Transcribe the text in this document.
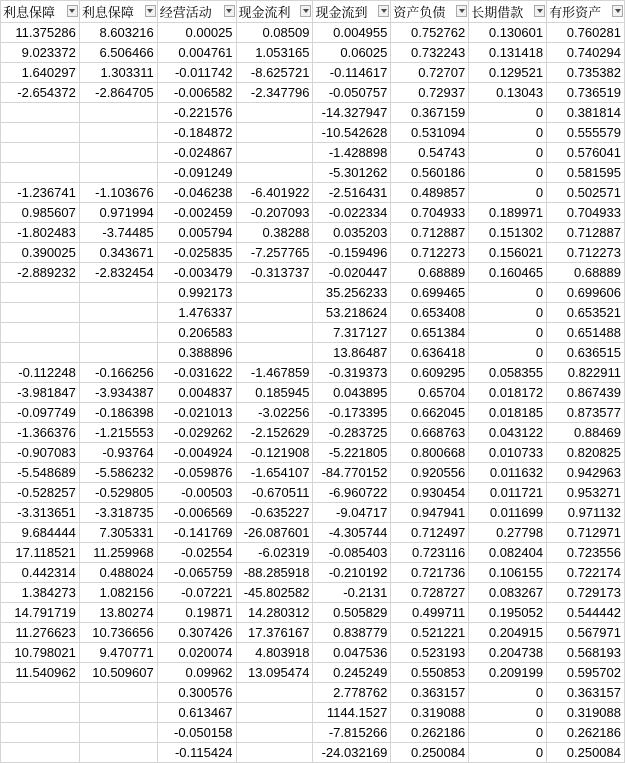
利息保障	利息保障	经营活动	现金流利	现金流到	资产负债	长期借款	有形资产

11.375286	8.603216	0.00025	0.08509	0.004955	0.752762	0.130601	0.760281
9.023372	6.506466	0.004761	1.053165	0.06025	0.732243	0.131418	0.740294
1.640297	1.303311	-0.011742	-8.625721	-0.114617	0.72707	0.129521	0.735382
-2.654372	-2.864705	-0.006582	-2.347796	-0.050757	0.72937	0.13043	0.736519
		-0.221576		-14.327947	0.367159	0	0.381814
		-0.184872		-10.542628	0.531094	0	0.555579
		-0.024867		-1.428898	0.54743	0	0.576041
		-0.091249		-5.301262	0.560186	0	0.581595
-1.236741	-1.103676	-0.046238	-6.401922	-2.516431	0.489857	0	0.502571
0.985607	0.971994	-0.002459	-0.207093	-0.022334	0.704933	0.189971	0.704933
-1.802483	-3.74485	0.005794	0.38288	0.035203	0.712887	0.151302	0.712887
0.390025	0.343671	-0.025835	-7.257765	-0.159496	0.712273	0.156021	0.712273
-2.889232	-2.832454	-0.003479	-0.313737	-0.020447	0.68889	0.160465	0.68889
		0.992173		35.256233	0.699465	0	0.699606
		1.476337		53.218624	0.653408	0	0.653521
		0.206583		7.317127	0.651384	0	0.651488
		0.388896		13.86487	0.636418	0	0.636515
-0.112248	-0.166256	-0.031622	-1.467859	-0.319373	0.609295	0.058355	0.822911
-3.981847	-3.934387	0.004837	0.185945	0.043895	0.65704	0.018172	0.867439
-0.097749	-0.186398	-0.021013	-3.02256	-0.173395	0.662045	0.018185	0.873577
-1.366376	-1.215553	-0.029262	-2.152629	-0.283725	0.668763	0.043122	0.88469
-0.907083	-0.93764	-0.004924	-0.121908	-5.221805	0.800668	0.010733	0.820825
-5.548689	-5.586232	-0.059876	-1.654107	-84.770152	0.920556	0.011632	0.942963
-0.528257	-0.529805	-0.00503	-0.670511	-6.960722	0.930454	0.011721	0.953271
-3.313651	-3.318735	-0.006569	-0.635227	-9.04717	0.947941	0.011699	0.971132
9.684444	7.305331	-0.141769	-26.087601	-4.305744	0.712497	0.27798	0.712971
17.118521	11.259968	-0.02554	-6.02319	-0.085403	0.723116	0.082404	0.723556
0.442314	0.488024	-0.065759	-88.285918	-0.210192	0.721736	0.106155	0.722174
1.384273	1.082156	-0.07221	-45.802582	-0.2131	0.728727	0.083267	0.729173
14.791719	13.80274	0.19871	14.280312	0.505829	0.499711	0.195052	0.544442
11.276623	10.736656	0.307426	17.376167	0.838779	0.521221	0.204915	0.567971
10.798021	9.470771	0.020074	4.803918	0.047536	0.523193	0.204738	0.568193
11.540962	10.509607	0.09962	13.095474	0.245249	0.550853	0.209199	0.595702
		0.300576		2.778762	0.363157	0	0.363157
		0.613467		1144.1527	0.319088	0	0.319088
		-0.050158		-7.815266	0.262186	0	0.262186
		-0.115424		-24.032169	0.250084	0	0.250084
